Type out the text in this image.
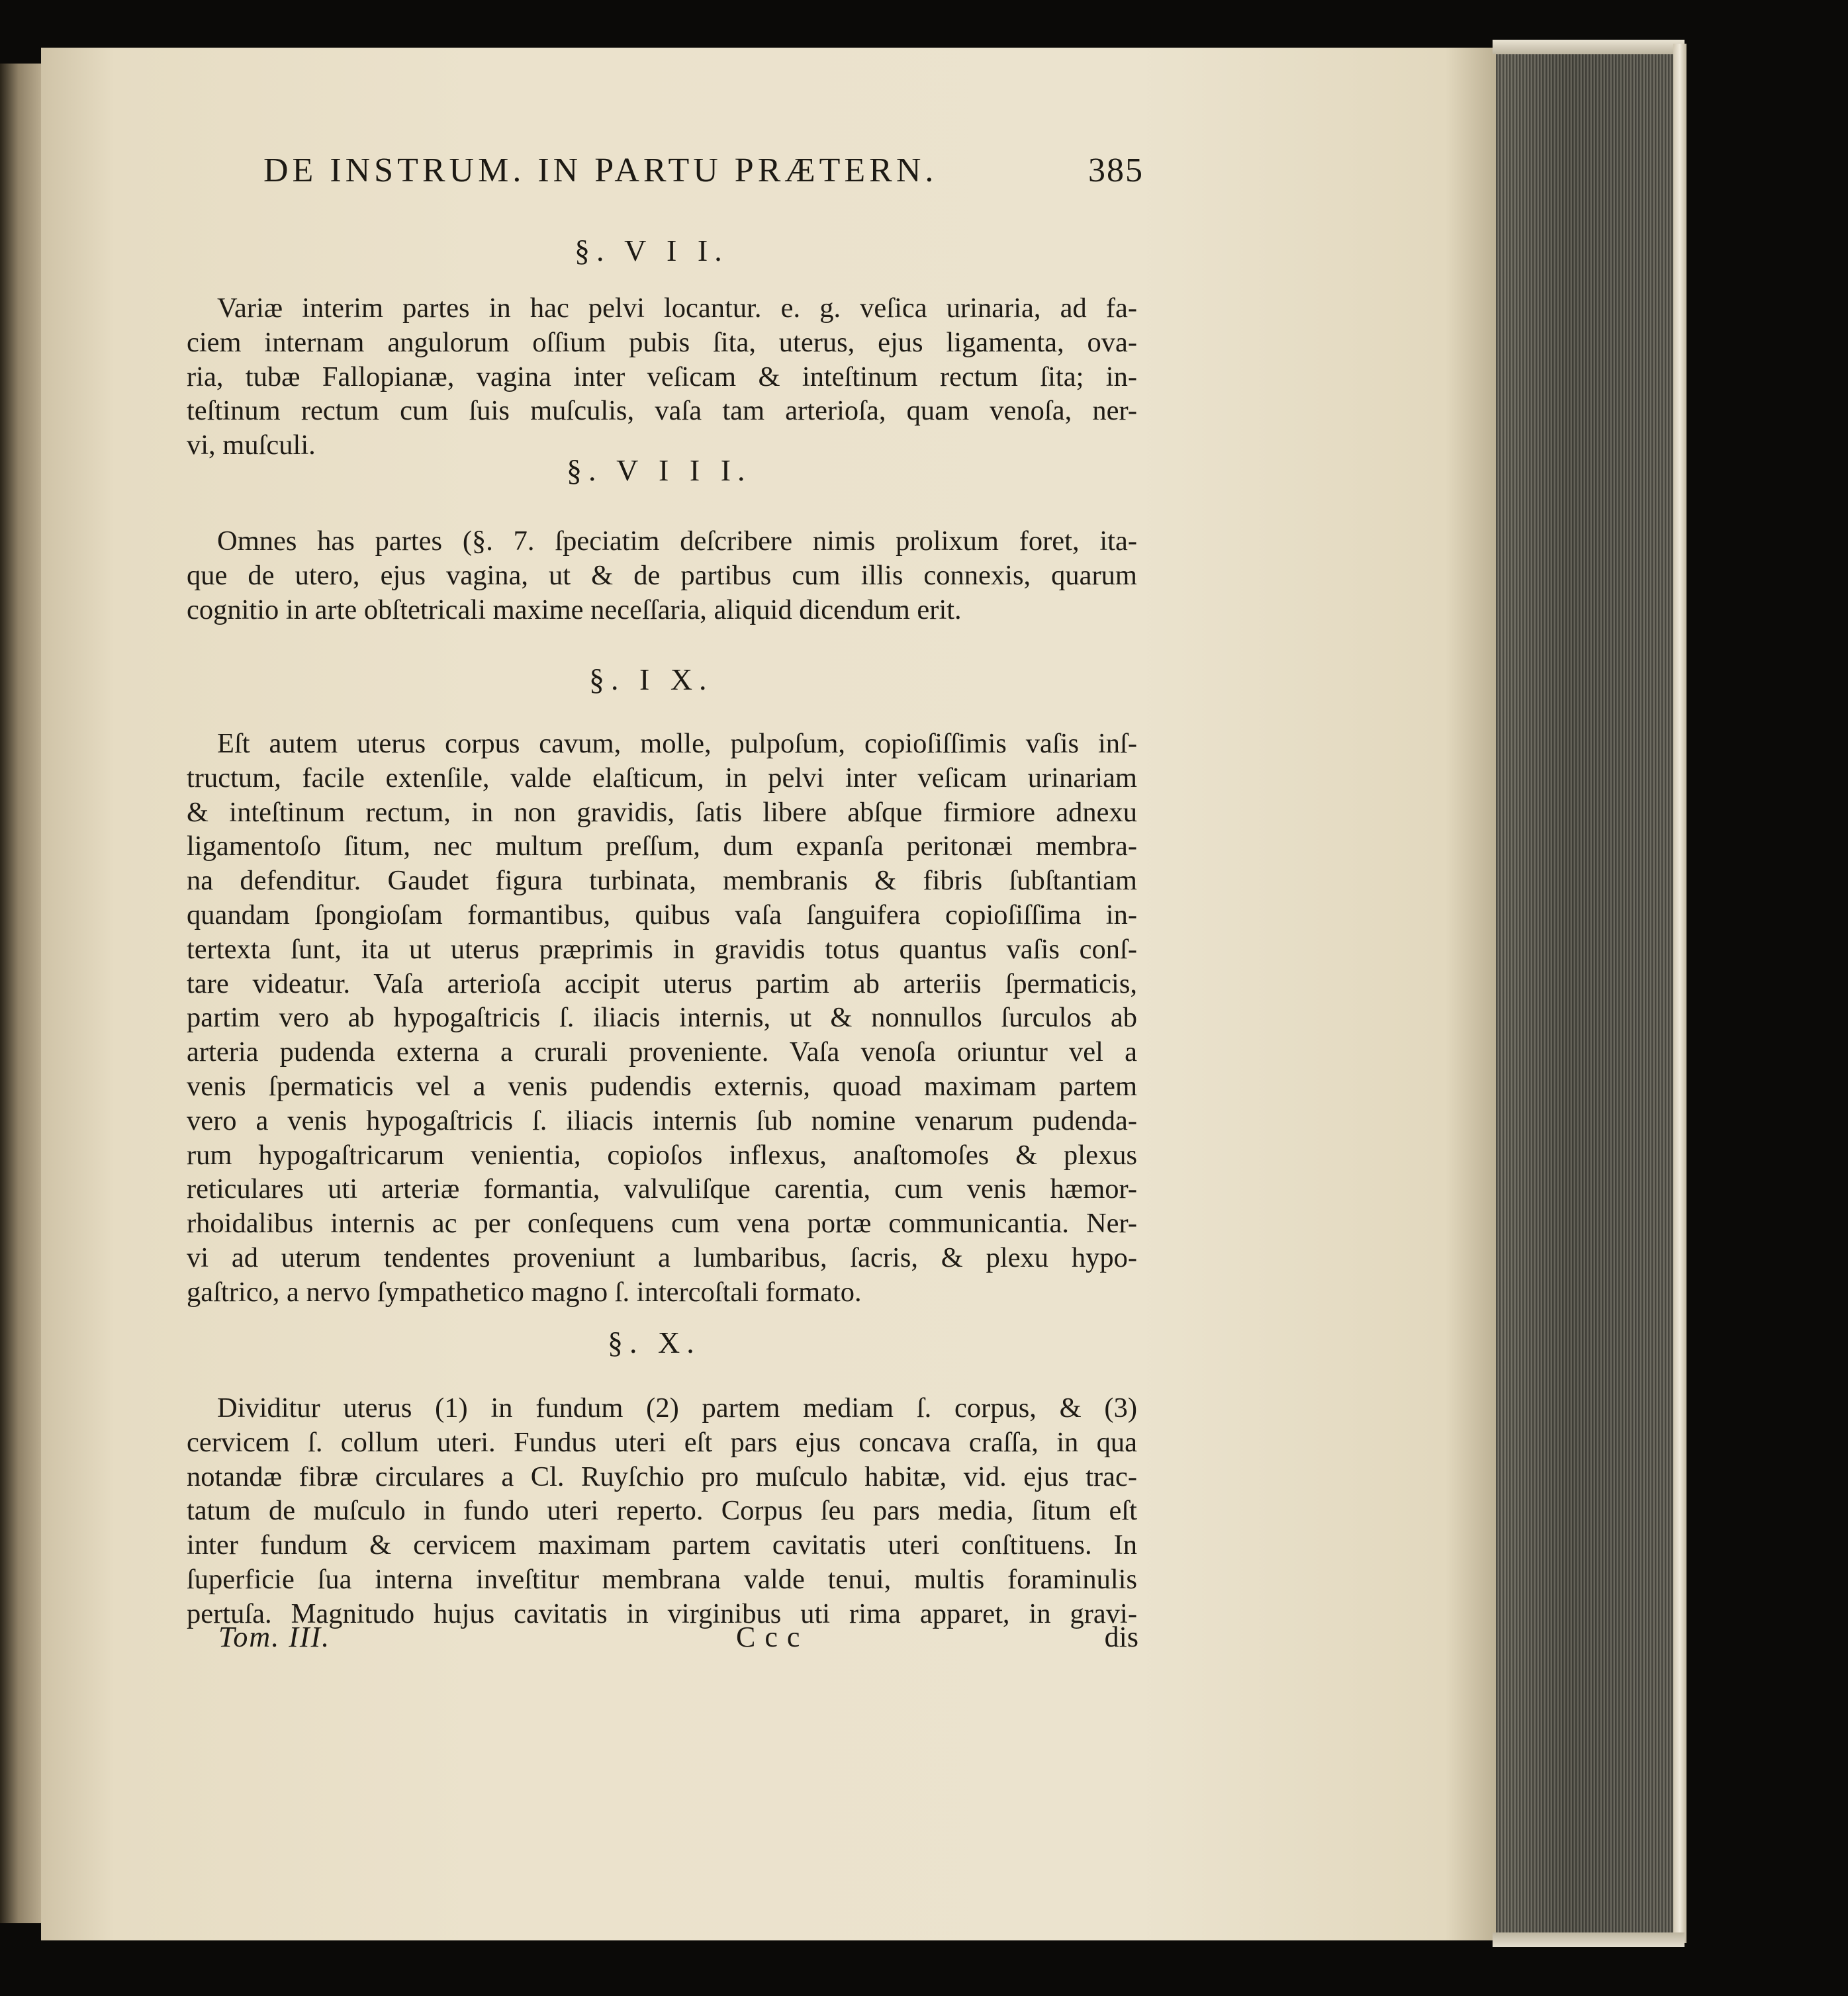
DE INSTRUM. IN PARTU PRÆTERN.	385
§. V I I.
Variæ interim partes in hac pelvi locantur. e. g. veſica urinaria, ad fa-
ciem internam angulorum oſſium pubis ſita, uterus, ejus ligamenta, ova-
ria, tubæ Fallopianæ, vagina inter veſicam & inteſtinum rectum ſita; in-
teſtinum rectum cum ſuis muſculis, vaſa tam arterioſa, quam venoſa, ner-
vi, muſculi.
§. V I I I.
Omnes has partes (§. 7. ſpeciatim deſcribere nimis prolixum foret, ita-
que de utero, ejus vagina, ut & de partibus cum illis connexis, quarum
cognitio in arte obſtetricali maxime neceſſaria, aliquid dicendum erit.
§. I X.
Eſt autem uterus corpus cavum, molle, pulpoſum, copioſiſſimis vaſis inſ-
tructum, facile extenſile, valde elaſticum, in pelvi inter veſicam urinariam
& inteſtinum rectum, in non gravidis, ſatis libere abſque firmiore adnexu
ligamentoſo ſitum, nec multum preſſum, dum expanſa peritonæi membra-
na defenditur. Gaudet figura turbinata, membranis & fibris ſubſtantiam
quandam ſpongioſam formantibus, quibus vaſa ſanguifera copioſiſſima in-
tertexta ſunt, ita ut uterus præprimis in gravidis totus quantus vaſis conſ-
tare videatur. Vaſa arterioſa accipit uterus partim ab arteriis ſpermaticis,
partim vero ab hypogaſtricis ſ. iliacis internis, ut & nonnullos ſurculos ab
arteria pudenda externa a crurali proveniente. Vaſa venoſa oriuntur vel a
venis ſpermaticis vel a venis pudendis externis, quoad maximam partem
vero a venis hypogaſtricis ſ. iliacis internis ſub nomine venarum pudenda-
rum hypogaſtricarum venientia, copioſos inflexus, anaſtomoſes & plexus
reticulares uti arteriæ formantia, valvuliſque carentia, cum venis hæmor-
rhoidalibus internis ac per conſequens cum vena portæ communicantia. Ner-
vi ad uterum tendentes proveniunt a lumbaribus, ſacris, & plexu hypo-
gaſtrico, a nervo ſympathetico magno ſ. intercoſtali formato.
§. X.
Dividitur uterus (1) in fundum (2) partem mediam ſ. corpus, & (3)
cervicem ſ. collum uteri. Fundus uteri eſt pars ejus concava craſſa, in qua
notandæ fibræ circulares a Cl. Ruyſchio pro muſculo habitæ, vid. ejus trac-
tatum de muſculo in fundo uteri reperto. Corpus ſeu pars media, ſitum eſt
inter fundum & cervicem maximam partem cavitatis uteri conſtituens. In
ſuperficie ſua interna inveſtitur membrana valde tenui, multis foraminulis
pertuſa. Magnitudo hujus cavitatis in virginibus uti rima apparet, in gravi-
Tom. III.	Ccc	dis
